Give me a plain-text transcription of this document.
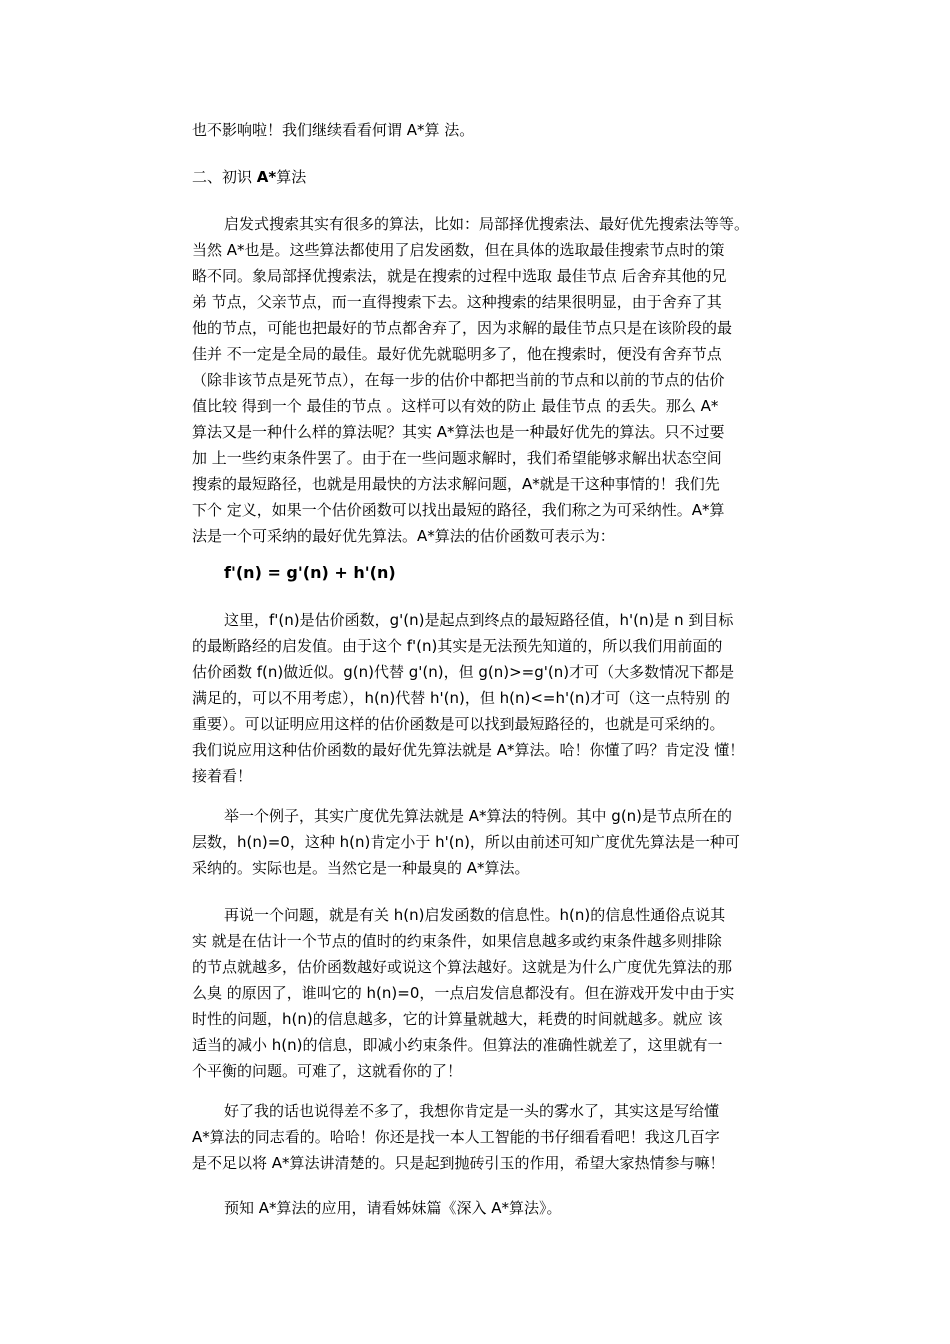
也不影响啦！我们继续看看何谓 A*算 法。
二、初识 A*算法
启发式搜索其实有很多的算法，比如：局部择优搜索法、最好优先搜索法等等。
当然 A*也是。这些算法都使用了启发函数，但在具体的选取最佳搜索节点时的策
略不同。象局部择优搜索法，就是在搜索的过程中选取 最佳节点 后舍弃其他的兄
弟 节点，父亲节点，而一直得搜索下去。这种搜索的结果很明显，由于舍弃了其
他的节点，可能也把最好的节点都舍弃了，因为求解的最佳节点只是在该阶段的最
佳并 不一定是全局的最佳。最好优先就聪明多了，他在搜索时，便没有舍弃节点
（除非该节点是死节点），在每一步的估价中都把当前的节点和以前的节点的估价
值比较 得到一个 最佳的节点 。这样可以有效的防止 最佳节点 的丢失。那么 A*
算法又是一种什么样的算法呢？其实 A*算法也是一种最好优先的算法。只不过要
加 上一些约束条件罢了。由于在一些问题求解时，我们希望能够求解出状态空间
搜索的最短路径，也就是用最快的方法求解问题，A*就是干这种事情的！我们先
下个 定义，如果一个估价函数可以找出最短的路径，我们称之为可采纳性。A*算
法是一个可采纳的最好优先算法。A*算法的估价函数可表示为：
f'(n) = g'(n) + h'(n)
这里，f'(n)是估价函数，g'(n)是起点到终点的最短路径值，h'(n)是 n 到目标
的最断路经的启发值。由于这个 f'(n)其实是无法预先知道的，所以我们用前面的
估价函数 f(n)做近似。g(n)代替 g'(n)，但 g(n)>=g'(n)才可（大多数情况下都是
满足的，可以不用考虑），h(n)代替 h'(n)，但 h(n)<=h'(n)才可（这一点特别 的
重要）。可以证明应用这样的估价函数是可以找到最短路径的，也就是可采纳的。
我们说应用这种估价函数的最好优先算法就是 A*算法。哈！你懂了吗？肯定没 懂！
接着看！
举一个例子，其实广度优先算法就是 A*算法的特例。其中 g(n)是节点所在的
层数，h(n)=0，这种 h(n)肯定小于 h'(n)，所以由前述可知广度优先算法是一种可
采纳的。实际也是。当然它是一种最臭的 A*算法。
再说一个问题，就是有关 h(n)启发函数的信息性。h(n)的信息性通俗点说其
实 就是在估计一个节点的值时的约束条件，如果信息越多或约束条件越多则排除
的节点就越多，估价函数越好或说这个算法越好。这就是为什么广度优先算法的那
么臭 的原因了，谁叫它的 h(n)=0，一点启发信息都没有。但在游戏开发中由于实
时性的问题，h(n)的信息越多，它的计算量就越大，耗费的时间就越多。就应 该
适当的减小 h(n)的信息，即减小约束条件。但算法的准确性就差了，这里就有一
个平衡的问题。可难了，这就看你的了！
好了我的话也说得差不多了，我想你肯定是一头的雾水了，其实这是写给懂
A*算法的同志看的。哈哈！你还是找一本人工智能的书仔细看看吧！我这几百字
是不足以将 A*算法讲清楚的。只是起到抛砖引玉的作用，希望大家热情参与嘛！
预知 A*算法的应用，请看姊妹篇《深入 A*算法》。
